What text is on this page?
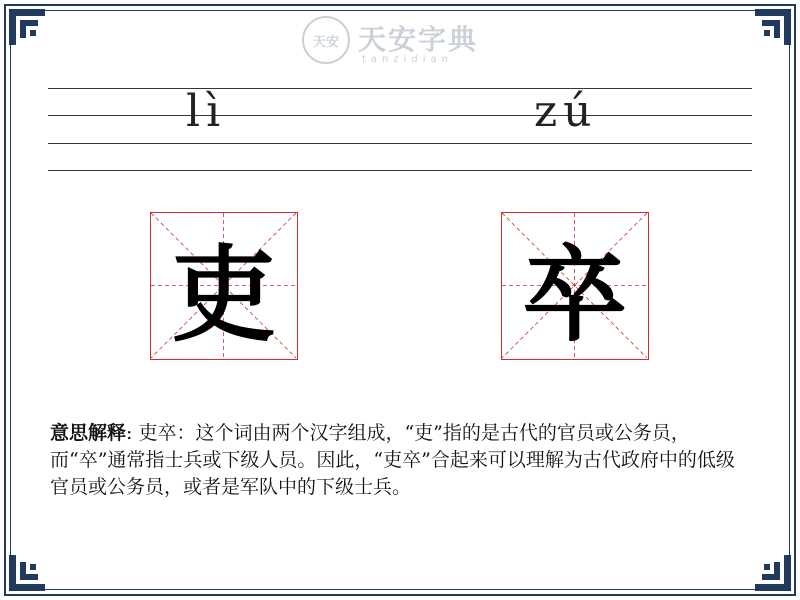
天安 天安字典
tanzidian
lì	zú
吏 卒
意思解释: 吏卒：这个词由两个汉字组成，“吏”指的是古代的官员或公务员，而“卒”通常指士兵或下级人员。因此，“吏卒”合起来可以理解为古代政府中的低级官员或公务员，或者是军队中的下级士兵。
